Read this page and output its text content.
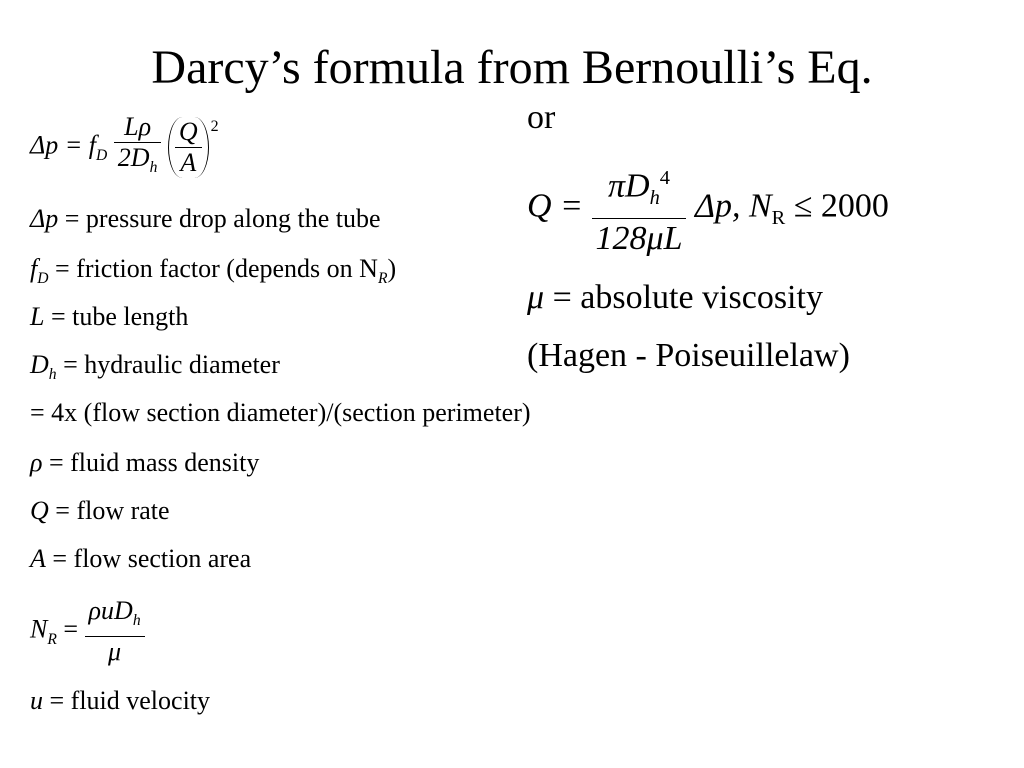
Darcy’s formula from Bernoulli’s Eq.
$\Delta p = f_D \frac{L\rho}{2D_h}$
$\frac{Q}{A} 2$
Δp = pressure drop along the tube
$f_D$ = friction factor (depends on $N_R$)
L = tube length
$D_h$ = hydraulic diameter
= 4x (flow section diameter)/(section perimeter)
ρ = fluid mass density
Q = flow rate
A = flow section area
$N_R = \frac{\rho uD_h}{\mu}$
u = fluid velocity
or
$Q = \frac{\pi D_h^4}{128\mu L} \Delta p$, $N_R \le 2000$
μ = absolute viscosity
(Hagen - Poiseuillelaw)
